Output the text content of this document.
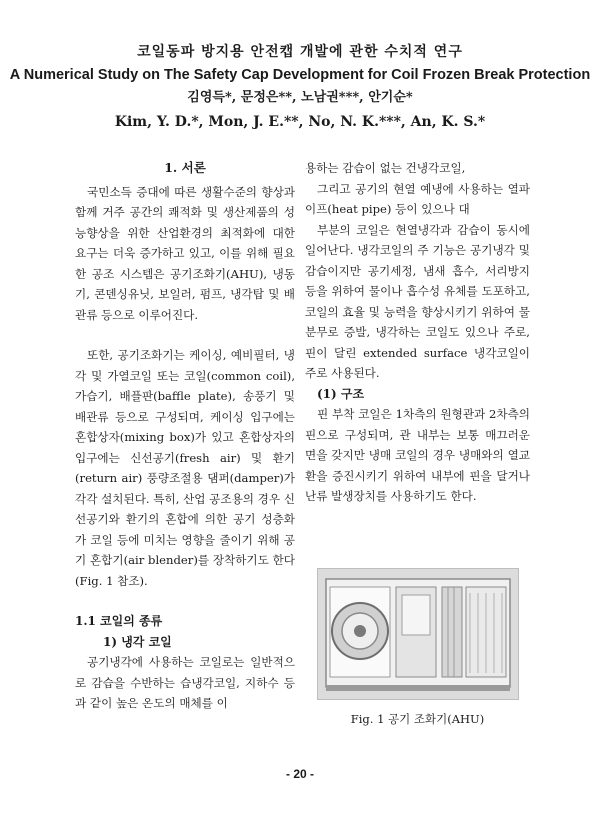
코일동파 방지용 안전캡 개발에 관한 수치적 연구
A Numerical Study on The Safety Cap Development for Coil Frozen Break Protection
김영득*, 문정은**, 노남권***, 안기순*
Kim, Y. D.*, Mon, J. E.**, No, N. K.***, An, K. S.*

1. 서론

국민소득 증대에 따른 생활수준의 향상과 함께 거주 공간의 쾌적화 및 생산제품의 성능향상을 위한 산업환경의 최적화에 대한 요구는 더욱 증가하고 있고, 이를 위해 필요한 공조 시스템은 공기조화기(AHU), 냉동기, 콘덴싱유닛, 보일러, 펌프, 냉각탑 및 배관류 등으로 이루어진다.

또한, 공기조화기는 케이싱, 예비필터, 냉각 및 가열코일 또는 코일(common coil), 가습기, 배플판(baffle plate), 송풍기 및 배관류 등으로 구성되며, 케이싱 입구에는 혼합상자(mixing box)가 있고 혼합상자의 입구에는 신선공기(fresh air) 및 환기(return air) 풍량조절용 댐퍼(damper)가 각각 설치된다. 특히, 산업 공조용의 경우 신선공기와 환기의 혼합에 의한 공기 성층화가 코일 등에 미치는 영향을 줄이기 위해 공기 혼합기(air blender)를 장착하기도 한다(Fig. 1 참조).

1.1 코일의 종류

1) 냉각 코일

공기냉각에 사용하는 코일로는 일반적으로 감습을 수반하는 습냉각코일, 지하수 등과 같이 높은 온도의 매체를 이

용하는 감습이 없는 건냉각코일,

그리고 공기의 현열 예냉에 사용하는 열파이프(heat pipe) 등이 있으나 대

부분의 코일은 현열냉각과 감습이 동시에 일어난다. 냉각코일의 주 기능은 공기냉각 및 감습이지만 공기세정, 냄새 흡수, 서리방지 등을 위하여 물이나 흡수성 유체를 도포하고, 코일의 효율 및 능력을 향상시키기 위하여 물분무로 증발, 냉각하는 코일도 있으나 주로, 핀이 달린 extended surface 냉각코일이 주로 사용된다.

(1) 구조

핀 부착 코일은 1차측의 원형관과 2차측의 핀으로 구성되며, 관 내부는 보통 매끄러운 면을 갖지만 냉매 코일의 경우 냉매와의 열교환을 증진시키기 위하여 내부에 핀을 달거나 난류 발생장치를 사용하기도 한다.

Fig. 1 공기 조화기(AHU)
- 20 -
